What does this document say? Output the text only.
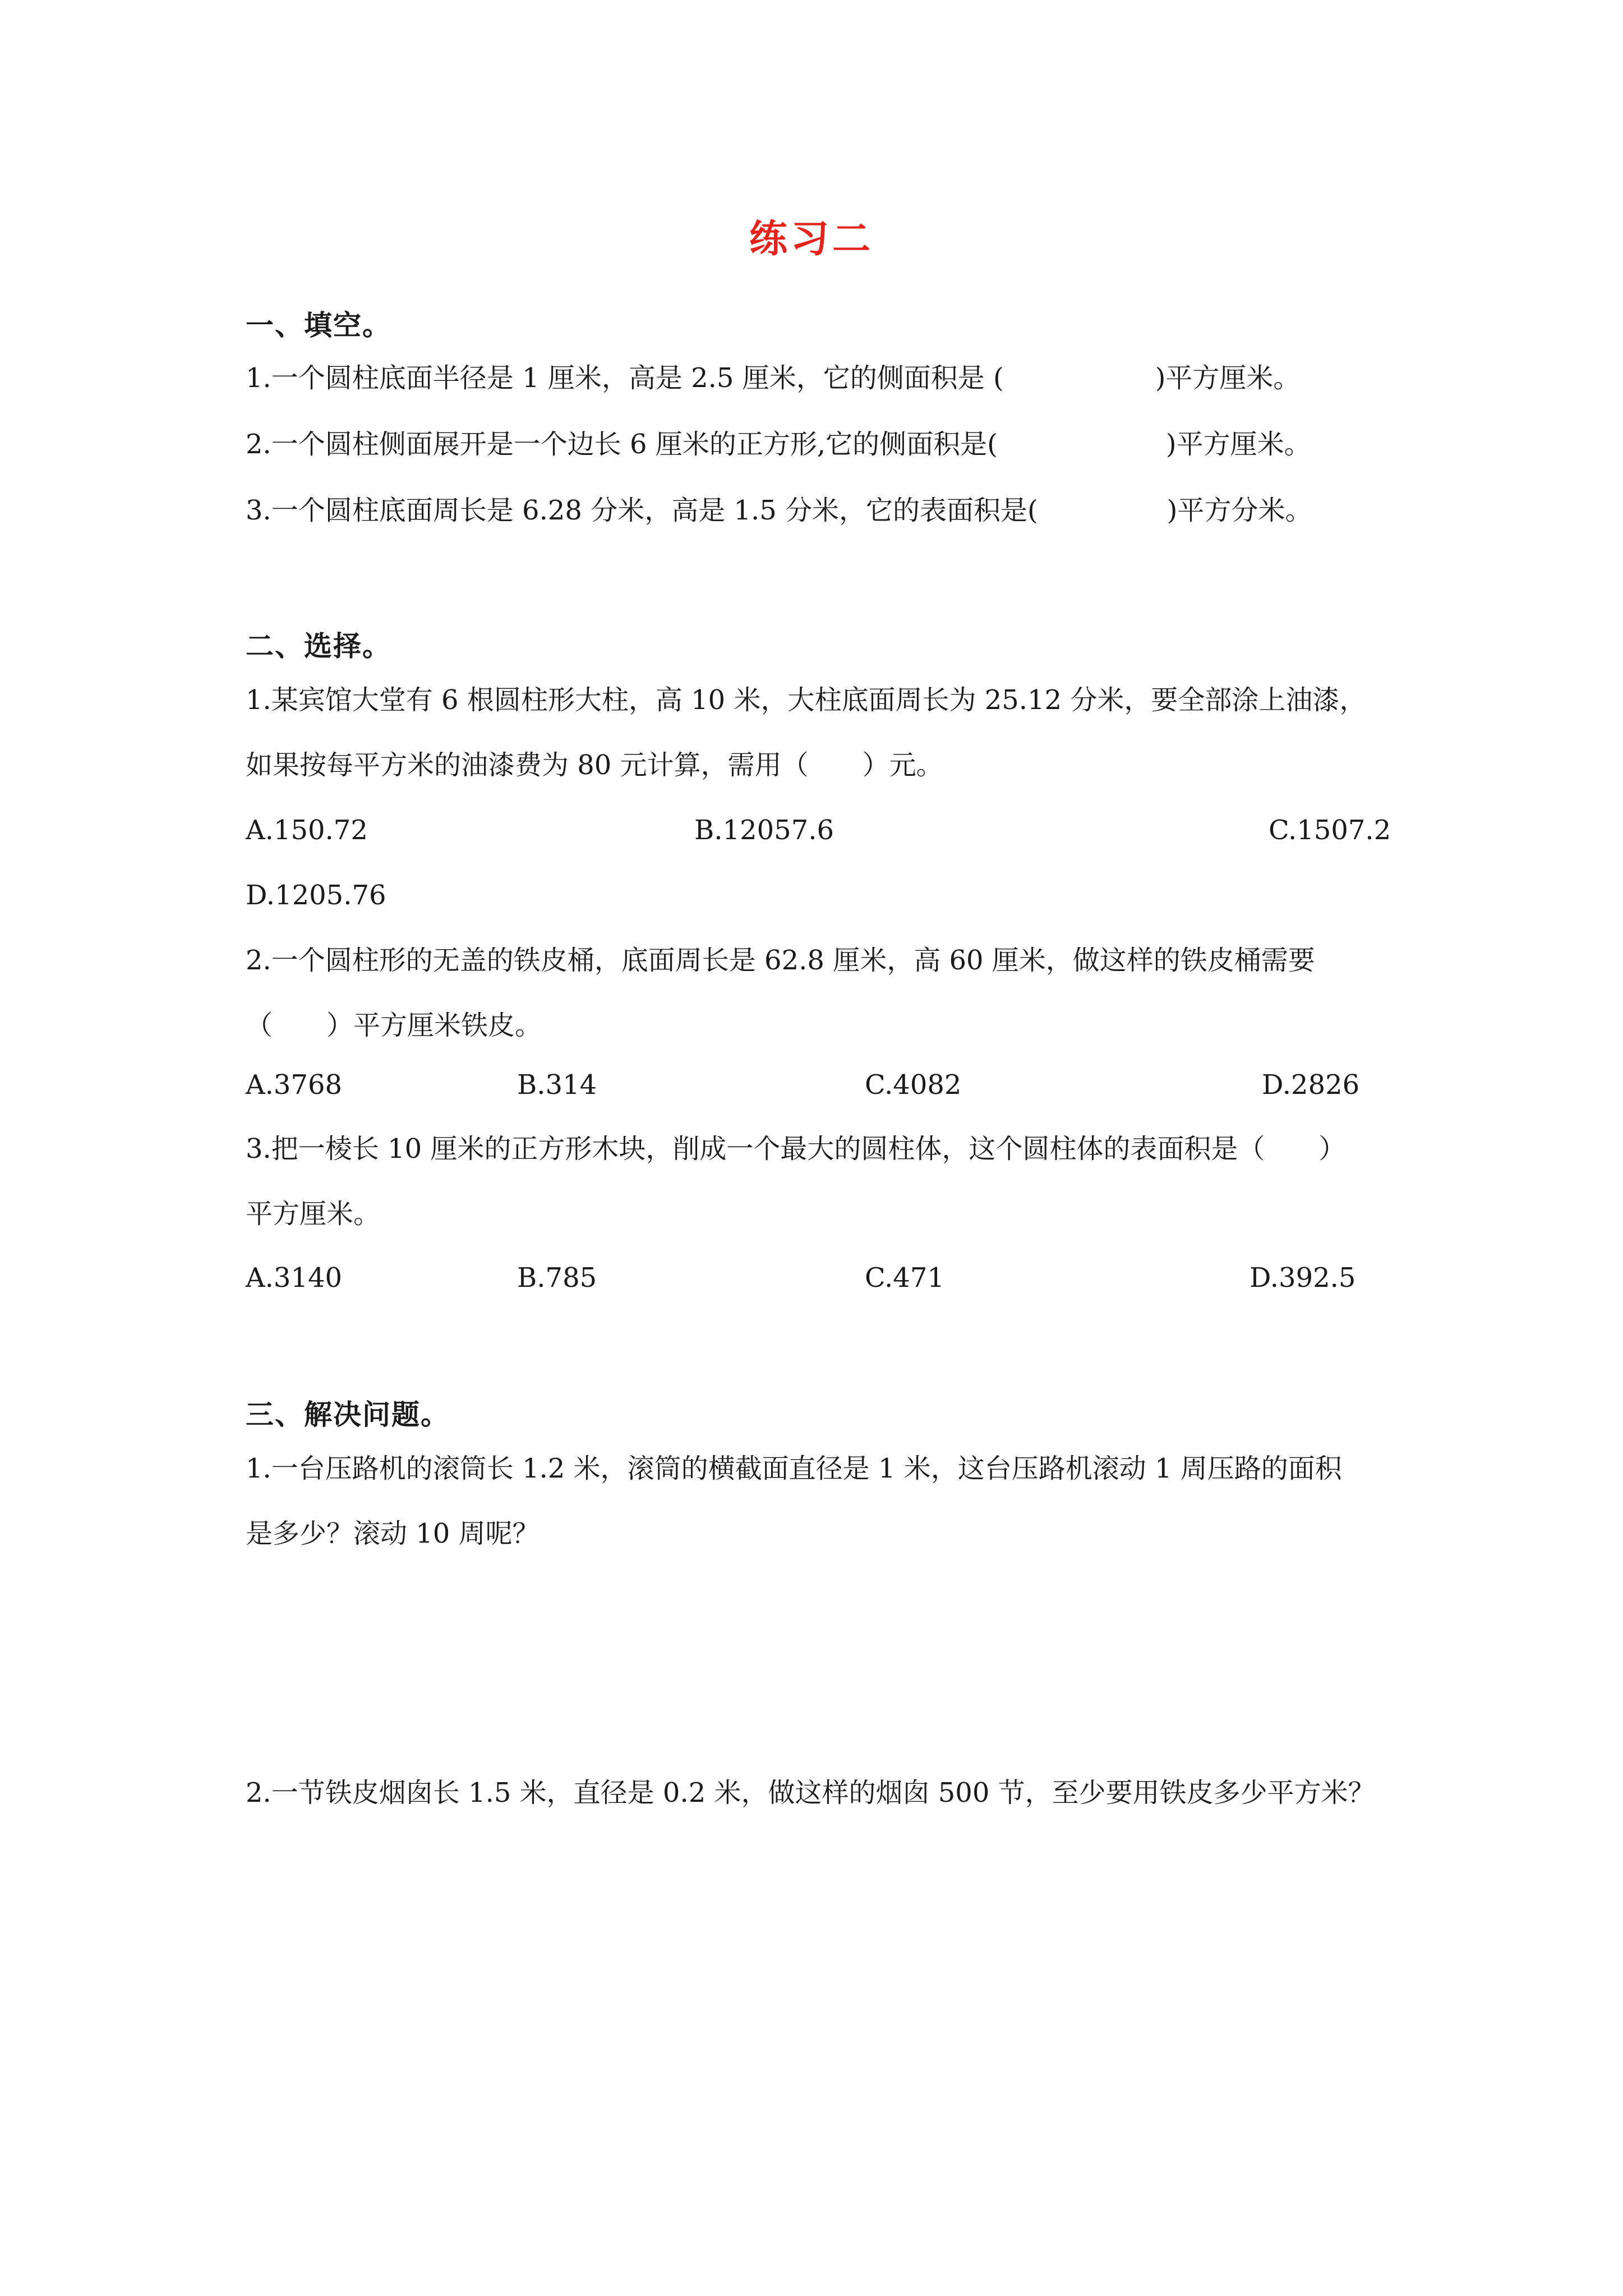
练习二
一、填空。
1.一个圆柱底面半径是 1 厘米，高是 2.5 厘米，它的侧面积是 (	)平方厘米。
2.一个圆柱侧面展开是一个边长 6 厘米的正方形,它的侧面积是(	)平方厘米。
3.一个圆柱底面周长是 6.28 分米，高是 1.5 分米，它的表面积是(	)平方分米。
二、选择。
1.某宾馆大堂有 6 根圆柱形大柱，高 10 米，大柱底面周长为 25.12 分米，要全部涂上油漆，
如果按每平方米的油漆费为 80 元计算，需用（　　）元。
A.150.72	B.12057.6	C.1507.2
D.1205.76
2.一个圆柱形的无盖的铁皮桶，底面周长是 62.8 厘米，高 60 厘米，做这样的铁皮桶需要
（　　）平方厘米铁皮。
A.3768	B.314	C.4082	D.2826
3.把一棱长 10 厘米的正方形木块，削成一个最大的圆柱体，这个圆柱体的表面积是（　　）
平方厘米。
A.3140	B.785	C.471	D.392.5
三、解决问题。
1.一台压路机的滚筒长 1.2 米，滚筒的横截面直径是 1 米，这台压路机滚动 1 周压路的面积
是多少？滚动 10 周呢？
2.一节铁皮烟囱长 1.5 米，直径是 0.2 米，做这样的烟囱 500 节，至少要用铁皮多少平方米？
